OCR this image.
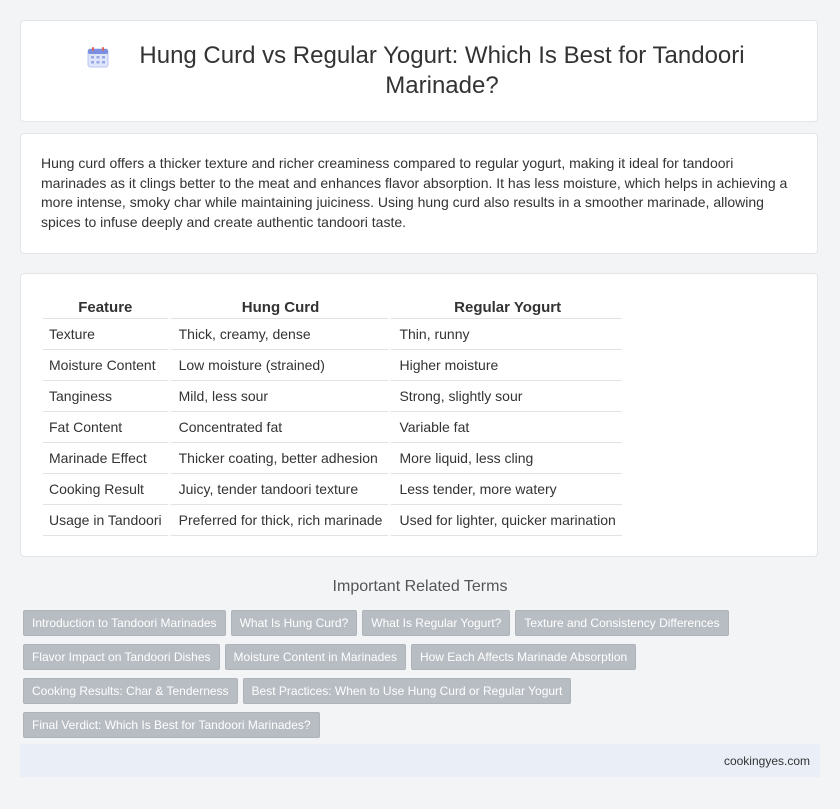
Hung Curd vs Regular Yogurt: Which Is Best for Tandoori Marinade?

Hung curd offers a thicker texture and richer creaminess compared to regular yogurt, making it ideal for tandoori marinades as it clings better to the meat and enhances flavor absorption. It has less moisture, which helps in achieving a more intense, smoky char while maintaining juiciness. Using hung curd also results in a smoother marinade, allowing spices to infuse deeply and create authentic tandoori taste.

Feature	Hung Curd	Regular Yogurt
Texture	Thick, creamy, dense	Thin, runny
Moisture Content	Low moisture (strained)	Higher moisture
Tanginess	Mild, less sour	Strong, slightly sour
Fat Content	Concentrated fat	Variable fat
Marinade Effect	Thicker coating, better adhesion	More liquid, less cling
Cooking Result	Juicy, tender tandoori texture	Less tender, more watery
Usage in Tandoori	Preferred for thick, rich marinade	Used for lighter, quicker marination
Important Related Terms
Introduction to Tandoori Marinades What Is Hung Curd? What Is Regular Yogurt? Texture and Consistency Differences
Flavor Impact on Tandoori Dishes Moisture Content in Marinades How Each Affects Marinade Absorption
Cooking Results: Char & Tenderness Best Practices: When to Use Hung Curd or Regular Yogurt
Final Verdict: Which Is Best for Tandoori Marinades?
cookingyes.com
